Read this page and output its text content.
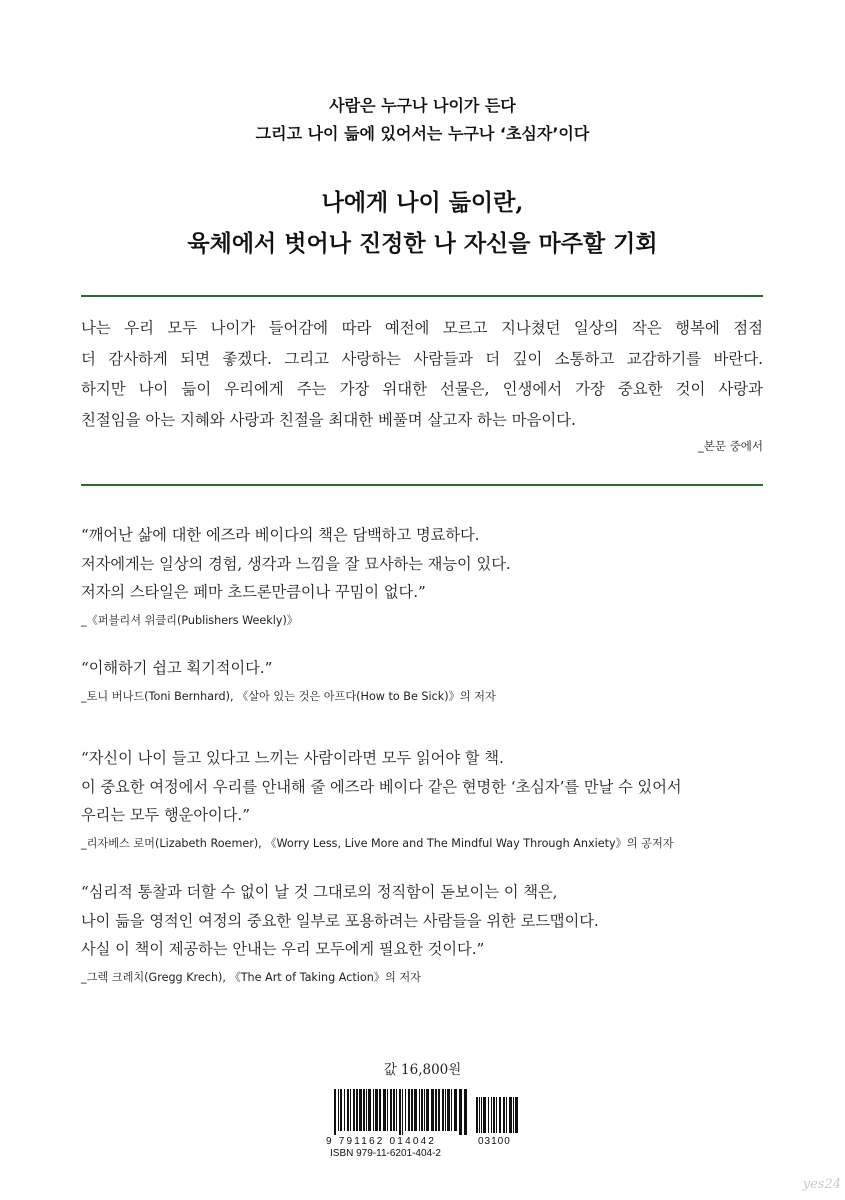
사람은 누구나 나이가 든다
그리고 나이 듦에 있어서는 누구나 ‘초심자’이다
나에게 나이 듦이란,
육체에서 벗어나 진정한 나 자신을 마주할 기회

나는 우리 모두 나이가 들어감에 따라 예전에 모르고 지나쳤던 일상의 작은 행복에 점점

더 감사하게 되면 좋겠다. 그리고 사랑하는 사람들과 더 깊이 소통하고 교감하기를 바란다.

하지만 나이 듦이 우리에게 주는 가장 위대한 선물은, 인생에서 가장 중요한 것이 사랑과

친절임을 아는 지혜와 사랑과 친절을 최대한 베풀며 살고자 하는 마음이다.

_본문 중에서
“깨어난 삶에 대한 에즈라 베이다의 책은 담백하고 명료하다.
저자에게는 일상의 경험, 생각과 느낌을 잘 묘사하는 재능이 있다.
저자의 스타일은 페마 초드론만큼이나 꾸밈이 없다.”
_《퍼블리셔 위클리(Publishers Weekly)》
“이해하기 쉽고 획기적이다.”
_토니 버나드(Toni Bernhard), 《살아 있는 것은 아프다(How to Be Sick)》의 저자
“자신이 나이 들고 있다고 느끼는 사람이라면 모두 읽어야 할 책.
이 중요한 여정에서 우리를 안내해 줄 에즈라 베이다 같은 현명한 ‘초심자’를 만날 수 있어서
우리는 모두 행운아이다.”
_리자베스 로머(Lizabeth Roemer), 《Worry Less, Live More and The Mindful Way Through Anxiety》의 공저자
“심리적 통찰과 더할 수 없이 날 것 그대로의 정직함이 돋보이는 이 책은,
나이 듦을 영적인 여정의 중요한 일부로 포용하려는 사람들을 위한 로드맵이다.
사실 이 책이 제공하는 안내는 우리 모두에게 필요한 것이다.”
_그렉 크레치(Gregg Krech), 《The Art of Taking Action》의 저자
값 16,800원
9 791162 014042	03100
ISBN 979-11-6201-404-2
yes24
